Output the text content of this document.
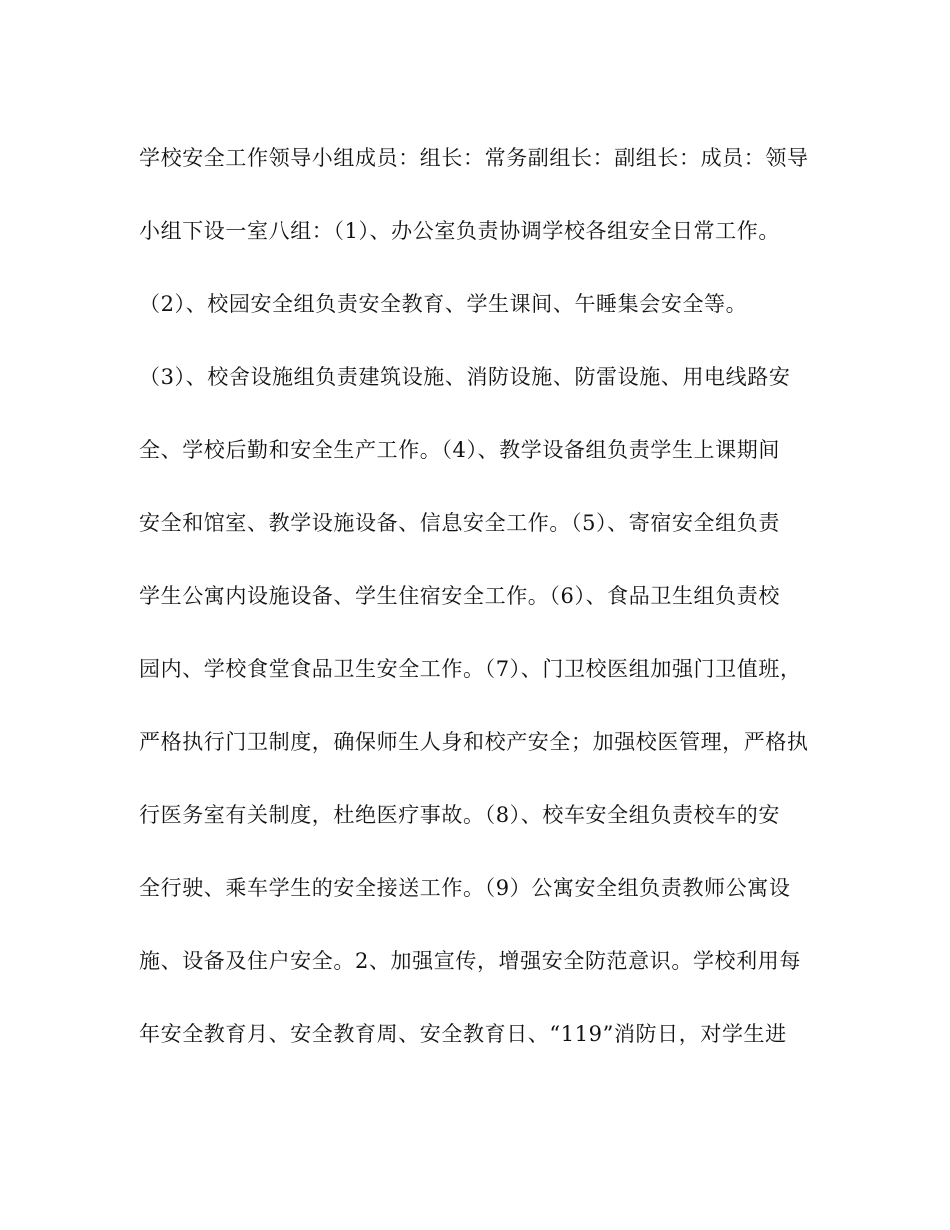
学校安全工作领导小组成员：组长：常务副组长：副组长：成员：领导
小组下设一室八组：（1）、办公室负责协调学校各组安全日常工作。
（2）、校园安全组负责安全教育、学生课间、午睡集会安全等。
（3）、校舍设施组负责建筑设施、消防设施、防雷设施、用电线路安
全、学校后勤和安全生产工作。（4）、教学设备组负责学生上课期间
安全和馆室、教学设施设备、信息安全工作。（5）、寄宿安全组负责
学生公寓内设施设备、学生住宿安全工作。（6）、食品卫生组负责校
园内、学校食堂食品卫生安全工作。（7）、门卫校医组加强门卫值班，
严格执行门卫制度，确保师生人身和校产安全；加强校医管理，严格执
行医务室有关制度，杜绝医疗事故。（8）、校车安全组负责校车的安
全行驶、乘车学生的安全接送工作。（9）公寓安全组负责教师公寓设
施、设备及住户安全。2、加强宣传，增强安全防范意识。学校利用每
年安全教育月、安全教育周、安全教育日、“119”消防日，对学生进
